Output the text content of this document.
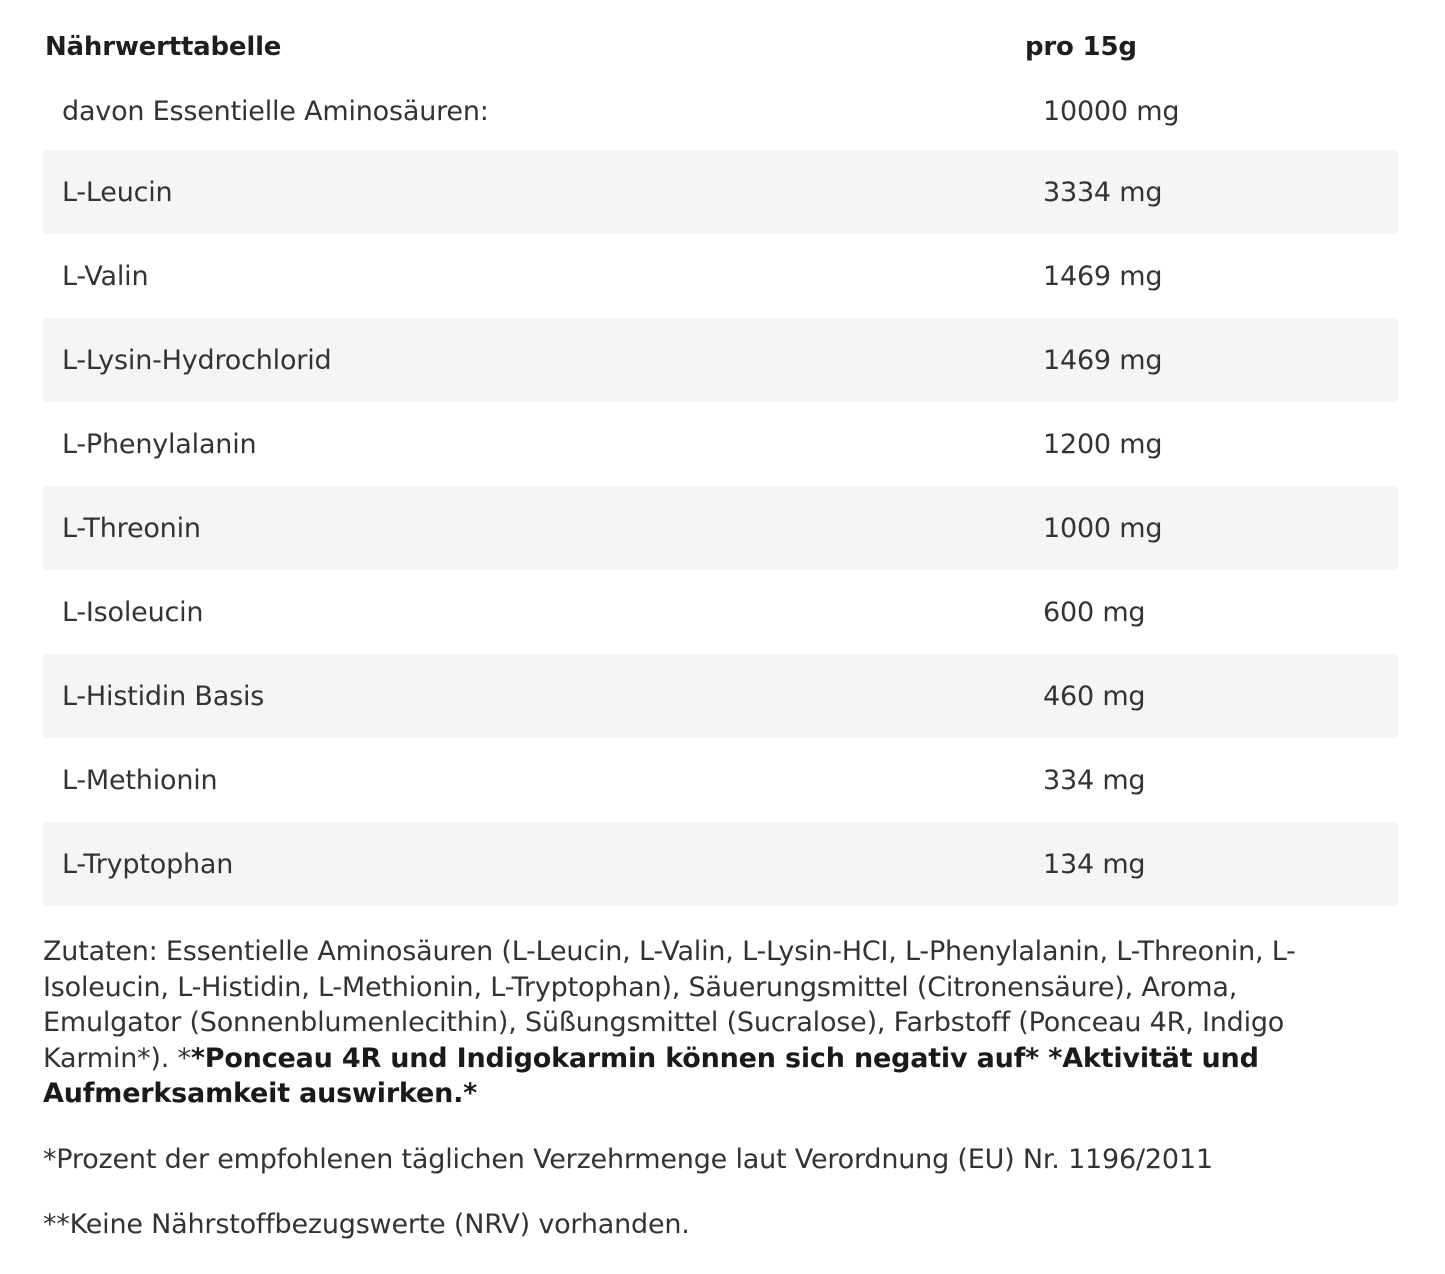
Nährwerttabelle	pro 15g
davon Essentielle Aminosäuren:	10000 mg
L-Leucin	3334 mg
L-Valin	1469 mg
L-Lysin-Hydrochlorid	1469 mg
L-Phenylalanin	1200 mg
L-Threonin	1000 mg
L-Isoleucin	600 mg
L-Histidin Basis	460 mg
L-Methionin	334 mg
L-Tryptophan	134 mg

Zutaten: Essentielle Aminosäuren (L-Leucin, L-Valin, L-Lysin-HCI, L-Phenylalanin, L-Threonin, L-Isoleucin, L-Histidin, L-Methionin, L-Tryptophan), Säuerungsmittel (Citronensäure), Aroma, Emulgator (Sonnenblumenlecithin), Süßungsmittel (Sucralose), Farbstoff (Ponceau 4R, Indigo Karmin*). **Ponceau 4R und Indigokarmin können sich negativ auf* *Aktivität und Aufmerksamkeit auswirken.*

*Prozent der empfohlenen täglichen Verzehrmenge laut Verordnung (EU) Nr. 1196/2011

**Keine Nährstoffbezugswerte (NRV) vorhanden.
